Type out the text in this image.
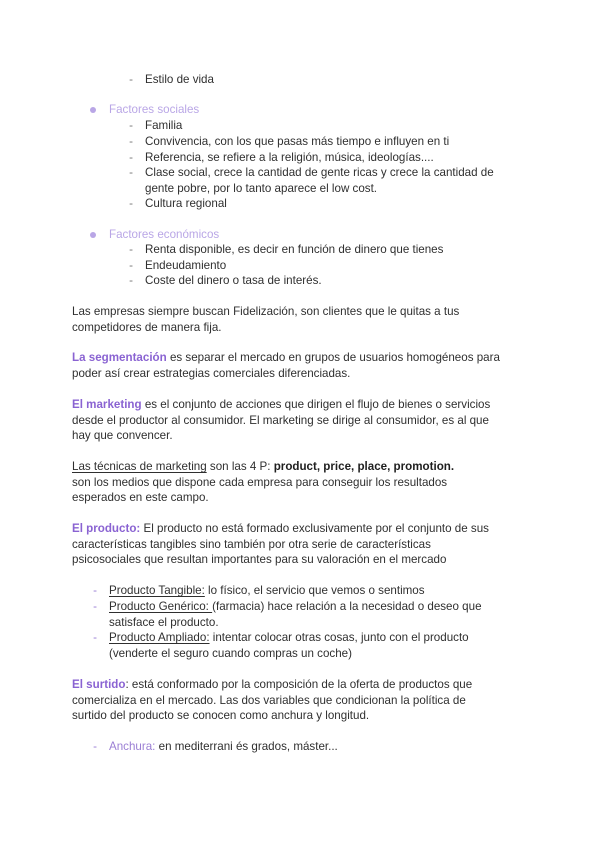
- Estilo de vida
Factores sociales
- Familia
- Convivencia, con los que pasas más tiempo e influyen en ti
- Referencia, se refiere a la religión, música, ideologías....
- Clase social, crece la cantidad de gente ricas y crece la cantidad de
gente pobre, por lo tanto aparece el low cost.
- Cultura regional
Factores económicos
- Renta disponible, es decir en función de dinero que tienes
- Endeudamiento
- Coste del dinero o tasa de interés.
Las empresas siempre buscan Fidelización, son clientes que le quitas a tus
competidores de manera fija.
La segmentación es separar el mercado en grupos de usuarios homogéneos para
poder así crear estrategias comerciales diferenciadas.
El marketing es el conjunto de acciones que dirigen el flujo de bienes o servicios
desde el productor al consumidor. El marketing se dirige al consumidor, es al que
hay que convencer.
Las técnicas de marketing son las 4 P: product, price, place, promotion.
son los medios que dispone cada empresa para conseguir los resultados
esperados en este campo.
El producto: El producto no está formado exclusivamente por el conjunto de sus
características tangibles sino también por otra serie de características
psicosociales que resultan importantes para su valoración en el mercado
- Producto Tangible: lo físico, el servicio que vemos o sentimos
- Producto Genérico: (farmacia) hace relación a la necesidad o deseo que
satisface el producto.
- Producto Ampliado: intentar colocar otras cosas, junto con el producto
(venderte el seguro cuando compras un coche)
El surtido: está conformado por la composición de la oferta de productos que
comercializa en el mercado. Las dos variables que condicionan la política de
surtido del producto se conocen como anchura y longitud.
- Anchura: en mediterrani és grados, máster...
